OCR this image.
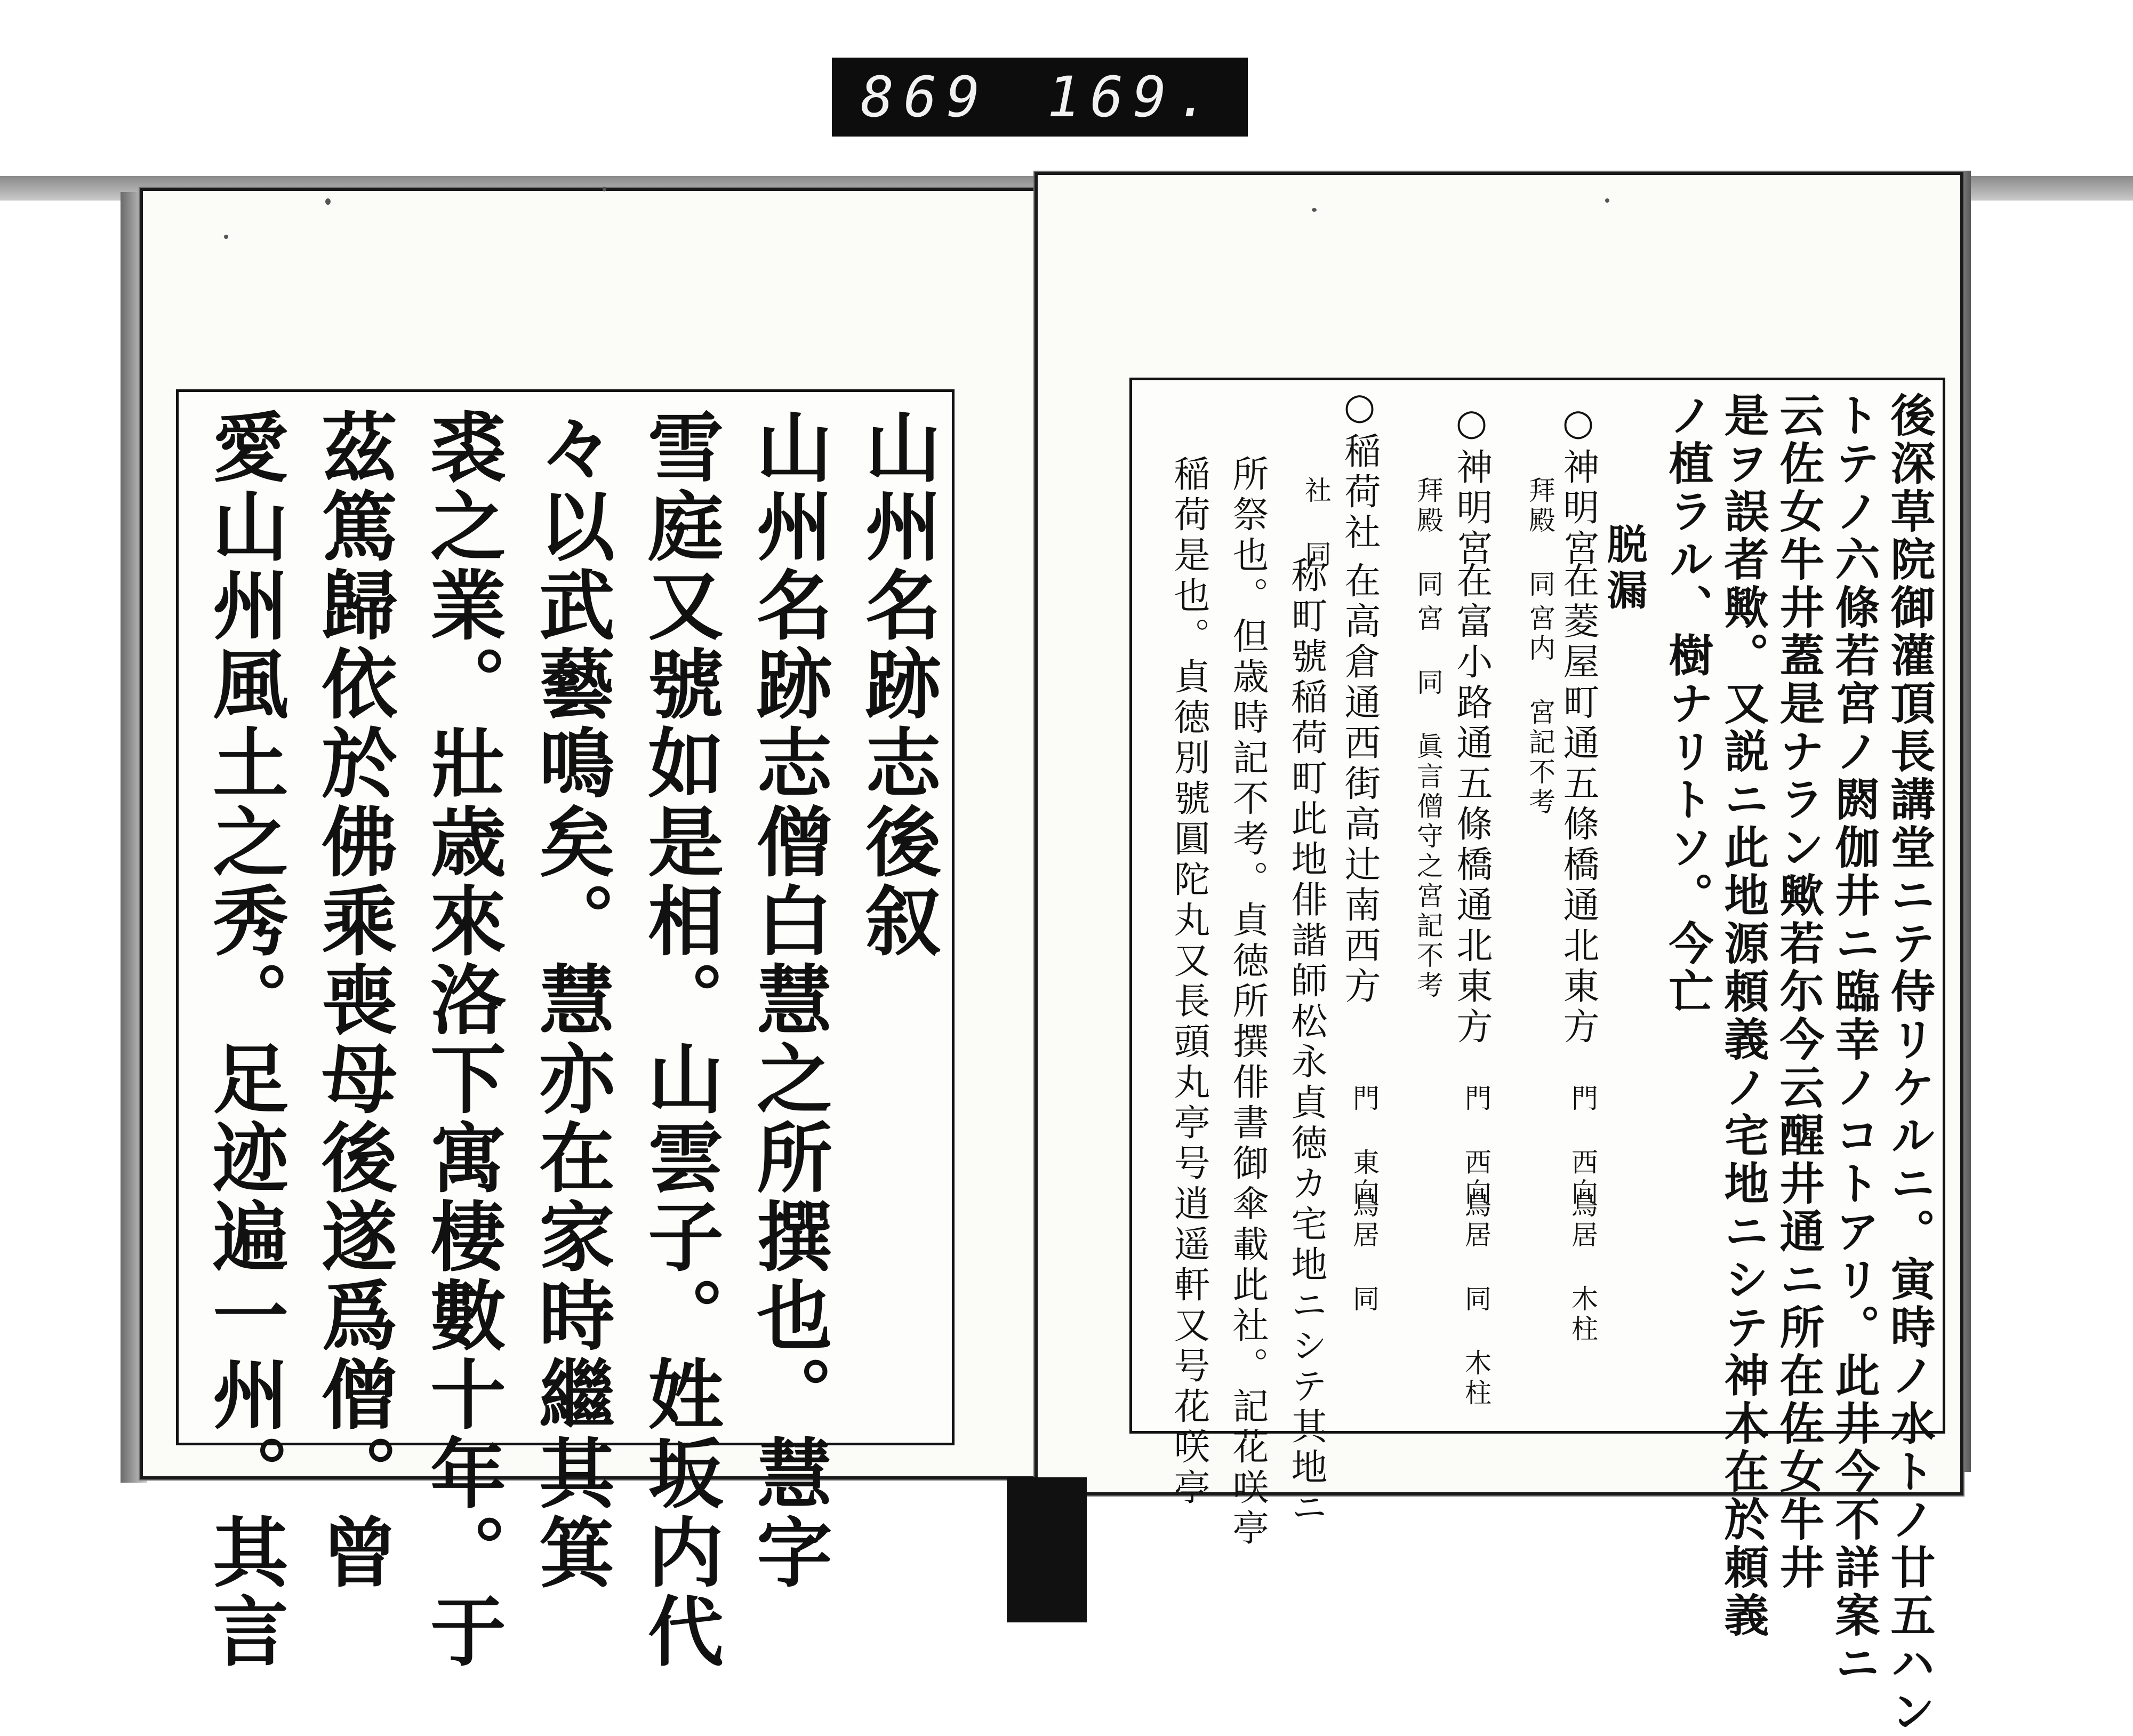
869 169.
山州名跡志後叙
山州名跡志僧白慧之所撰也。慧字
雪庭又號如是相。山雲子。姓坂内代
々以武藝鳴矣。慧亦在家時繼其箕
裘之業。壯歳來洛下寓棲數十年。于
茲篤歸依於佛乘喪母後遂爲僧。曾
愛山州風土之秀。足迹遍一州。其言	後深草院御灌頂長講堂ニテ侍リケルニ。寅時ノ水トノ廿五ハン
トテノ六條若宮ノ閼伽井ニ臨幸ノコトアリ。此井今不詳案ニ
云佐女牛井蓋是ナラン歟若尓今云醒井通ニ所在佐女牛井
是ヲ誤者歟。又説ニ此地源頼義ノ宅地ニシテ神木在於頼義
ノ植ラル、樹ナリトソ。今亡
脱漏
○神明宮
在菱屋町通五條橋通北東方
拜殿 同
宮内 宮記不考
門 西向
鳥居 木柱
○神明宮
在富小路通五條橋通北東方
拜殿 同
宮 同 眞言僧守之宮記不考
門 西向
鳥居 同 木柱
○稲荷社
在高倉通西街高辻南西方
社 同
門 東向
鳥居 同
称町號稲荷町此地俳諧師松永貞徳カ宅地ニシテ其地ニ
所祭也。但歳時記不考。貞徳所撰俳書御傘載此社。記花咲亭
稲荷是也。貞徳別號圓陀丸又長頭丸亭号逍遥軒又号花咲亭
